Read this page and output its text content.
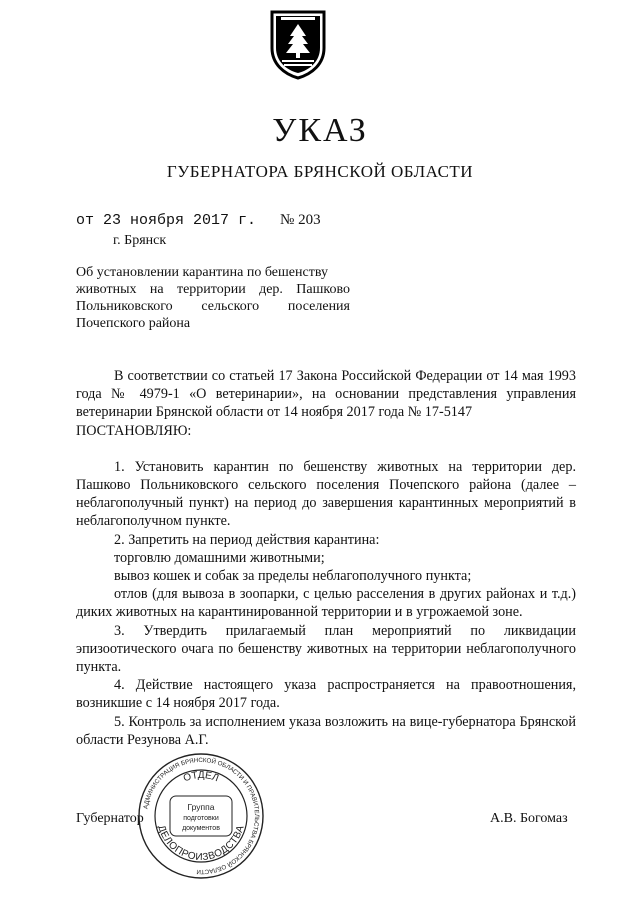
УКАЗ
ГУБЕРНАТОРА БРЯНСКОЙ ОБЛАСТИ
от 23 ноября 2017 г. № 203
г. Брянск

Об установлении карантина по бешенству

животных на территории дер. Пашково

Польниковского сельского поселения

Почепского района

В соответствии со статьей 17 Закона Российской Федерации от 14 мая 1993 года № 4979-1 «О ветеринарии», на основании представления управления ветеринарии Брянской области от 14 ноября 2017 года № 17-5147

ПОСТАНОВЛЯЮ:

1. Установить карантин по бешенству животных на территории дер. Пашково Польниковского сельского поселения Почепского района (далее – неблагополучный пункт) на период до завершения карантинных мероприятий в неблагополучном пункте.

2. Запретить на период действия карантина:

торговлю домашними животными;

вывоз кошек и собак за пределы неблагополучного пункта;

отлов (для вывоза в зоопарки, с целью расселения в других районах и т.д.) диких животных на карантинированной территории и в угрожаемой зоне.

3. Утвердить прилагаемый план мероприятий по ликвидации эпизоотического очага по бешенству животных на территории неблагополучного пункта.

4. Действие настоящего указа распространяется на правоотношения, возникшие с 14 ноября 2017 года.

5. Контроль за исполнением указа возложить на вице-губернатора Брянской области Резунова А.Г.

Губернатор	А.В. Богомаз
АДМИНИСТРАЦИЯ БРЯНСКОЙ ОБЛАСТИ И ПРАВИТЕЛЬСТВА БРЯНСКОЙ ОБЛАСТИ
ОТДЕЛ
ДЕЛОПРОИЗВОДСТВА
Группа
подготовки
документов
